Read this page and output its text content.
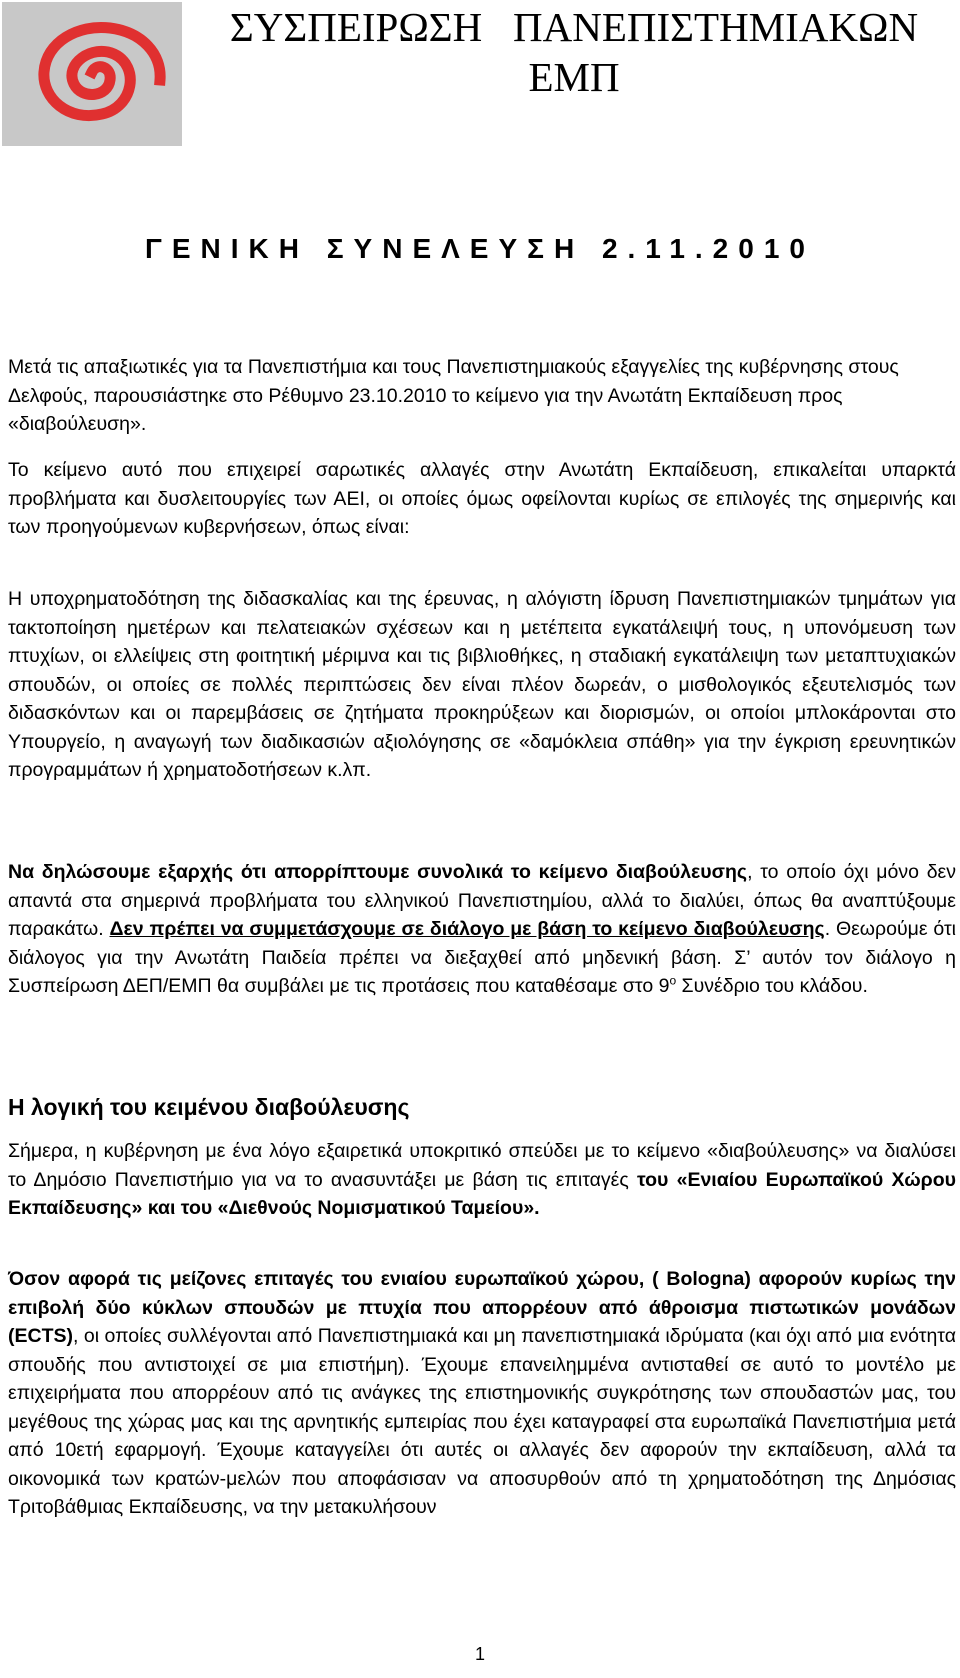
ΣΥΣΠΕΙΡΩΣΗ   ΠΑΝΕΠΙΣΤΗΜΙΑΚΩΝ
ΕΜΠ
ΓΕΝΙΚΗ ΣΥΝΕΛΕΥΣΗ 2.11.2010

Μετά τις απαξιωτικές για τα Πανεπιστήμια και τους Πανεπιστημιακούς εξαγγελίες της κυβέρνησης στους Δελφούς, παρουσιάστηκε στο Ρέθυμνο 23.10.2010 το κείμενο για την Ανωτάτη Εκπαίδευση προς «διαβούλευση».

Το κείμενο αυτό που επιχειρεί σαρωτικές αλλαγές στην Ανωτάτη Εκπαίδευση, επικαλείται υπαρκτά προβλήματα και δυσλειτουργίες των ΑΕΙ, οι οποίες όμως οφείλονται κυρίως σε επιλογές της σημερινής και των προηγούμενων κυβερνήσεων, όπως είναι:

Η υποχρηματοδότηση της διδασκαλίας και της έρευνας, η αλόγιστη ίδρυση Πανεπιστημιακών τμημάτων για τακτοποίηση ημετέρων και πελατειακών σχέσεων και η μετέπειτα εγκατάλειψή τους, η υπονόμευση των πτυχίων, οι ελλείψεις στη φοιτητική μέριμνα και τις βιβλιοθήκες, η σταδιακή εγκατάλειψη των μεταπτυχιακών σπουδών, οι οποίες σε πολλές περιπτώσεις δεν είναι πλέον δωρεάν, ο μισθολογικός εξευτελισμός των διδασκόντων και οι παρεμβάσεις σε ζητήματα προκηρύξεων και διορισμών, οι οποίοι μπλοκάρονται στο Υπουργείο, η αναγωγή των διαδικασιών αξιολόγησης σε «δαμόκλεια σπάθη» για την έγκριση ερευνητικών προγραμμάτων ή χρηματοδοτήσεων κ.λπ.

Να δηλώσουμε εξαρχής ότι απορρίπτουμε συνολικά το κείμενο διαβούλευσης, το οποίο όχι μόνο δεν απαντά στα σημερινά προβλήματα του ελληνικού Πανεπιστημίου, αλλά το διαλύει, όπως θα αναπτύξουμε παρακάτω. Δεν πρέπει να συμμετάσχουμε σε διάλογο με βάση το κείμενο διαβούλευσης. Θεωρούμε ότι διάλογος για την Ανωτάτη Παιδεία πρέπει να διεξαχθεί από μηδενική βάση. Σ’ αυτόν τον διάλογο η Συσπείρωση ΔΕΠ/ΕΜΠ θα συμβάλει με τις προτάσεις που καταθέσαμε στο $9^o$ Συνέδριο του κλάδου.

Η λογική του κειμένου διαβούλευσης

Σήμερα, η κυβέρνηση με ένα λόγο εξαιρετικά υποκριτικό σπεύδει με το κείμενο «διαβούλευσης» να διαλύσει το Δημόσιο Πανεπιστήμιο για να το ανασυντάξει με βάση τις επιταγές του «Ενιαίου Ευρωπαϊκού Χώρου Εκπαίδευσης» και του «Διεθνούς Νομισματικού Ταμείου».

Όσον αφορά τις μείζονες επιταγές του ενιαίου ευρωπαϊκού χώρου, ( Bologna) αφορούν κυρίως την επιβολή δύο κύκλων σπουδών με πτυχία που απορρέουν από άθροισμα πιστωτικών μονάδων (ECTS), οι οποίες συλλέγονται από Πανεπιστημιακά και μη πανεπιστημιακά ιδρύματα (και όχι από μια ενότητα σπουδής που αντιστοιχεί σε μια επιστήμη). Έχουμε επανειλημμένα αντισταθεί σε αυτό το μοντέλο με επιχειρήματα που απορρέουν από τις ανάγκες της επιστημονικής συγκρότησης των σπουδαστών μας, του μεγέθους της χώρας μας και της αρνητικής εμπειρίας που έχει καταγραφεί στα ευρωπαϊκά Πανεπιστήμια μετά από 10ετή εφαρμογή. Έχουμε καταγγείλει ότι αυτές οι αλλαγές δεν αφορούν την εκπαίδευση, αλλά τα οικονομικά των κρατών-μελών που αποφάσισαν να αποσυρθούν από τη χρηματοδότηση της Δημόσιας Τριτοβάθμιας Εκπαίδευσης, να την μετακυλήσουν

1
